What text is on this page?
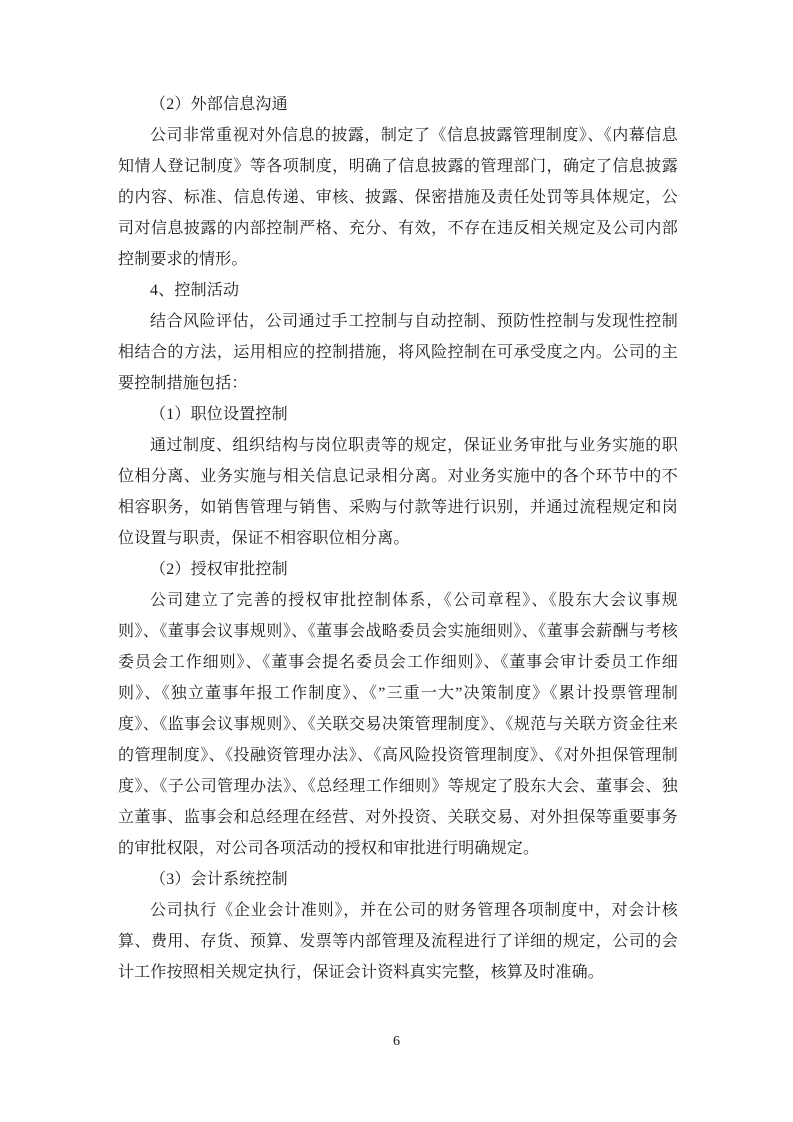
（2）外部信息沟通

公司非常重视对外信息的披露，制定了《信息披露管理制度》、《内幕信息知情人登记制度》等各项制度，明确了信息披露的管理部门，确定了信息披露的内容、标准、信息传递、审核、披露、保密措施及责任处罚等具体规定，公司对信息披露的内部控制严格、充分、有效，不存在违反相关规定及公司内部控制要求的情形。

4、控制活动

结合风险评估，公司通过手工控制与自动控制、预防性控制与发现性控制相结合的方法，运用相应的控制措施，将风险控制在可承受度之内。公司的主要控制措施包括：

（1）职位设置控制

通过制度、组织结构与岗位职责等的规定，保证业务审批与业务实施的职位相分离、业务实施与相关信息记录相分离。对业务实施中的各个环节中的不相容职务，如销售管理与销售、采购与付款等进行识别，并通过流程规定和岗位设置与职责，保证不相容职位相分离。

（2）授权审批控制

公司建立了完善的授权审批控制体系，《公司章程》、《股东大会议事规则》、《董事会议事规则》、《董事会战略委员会实施细则》、《董事会薪酬与考核委员会工作细则》、《董事会提名委员会工作细则》、《董事会审计委员工作细则》、《独立董事年报工作制度》、《”三重一大”决策制度》《累计投票管理制度》、《监事会议事规则》、《关联交易决策管理制度》、《规范与关联方资金往来的管理制度》、《投融资管理办法》、《高风险投资管理制度》、《对外担保管理制度》、《子公司管理办法》、《总经理工作细则》等规定了股东大会、董事会、独立董事、监事会和总经理在经营、对外投资、关联交易、对外担保等重要事务的审批权限，对公司各项活动的授权和审批进行明确规定。

（3）会计系统控制

公司执行《企业会计准则》，并在公司的财务管理各项制度中，对会计核算、费用、存货、预算、发票等内部管理及流程进行了详细的规定，公司的会计工作按照相关规定执行，保证会计资料真实完整，核算及时准确。

6
